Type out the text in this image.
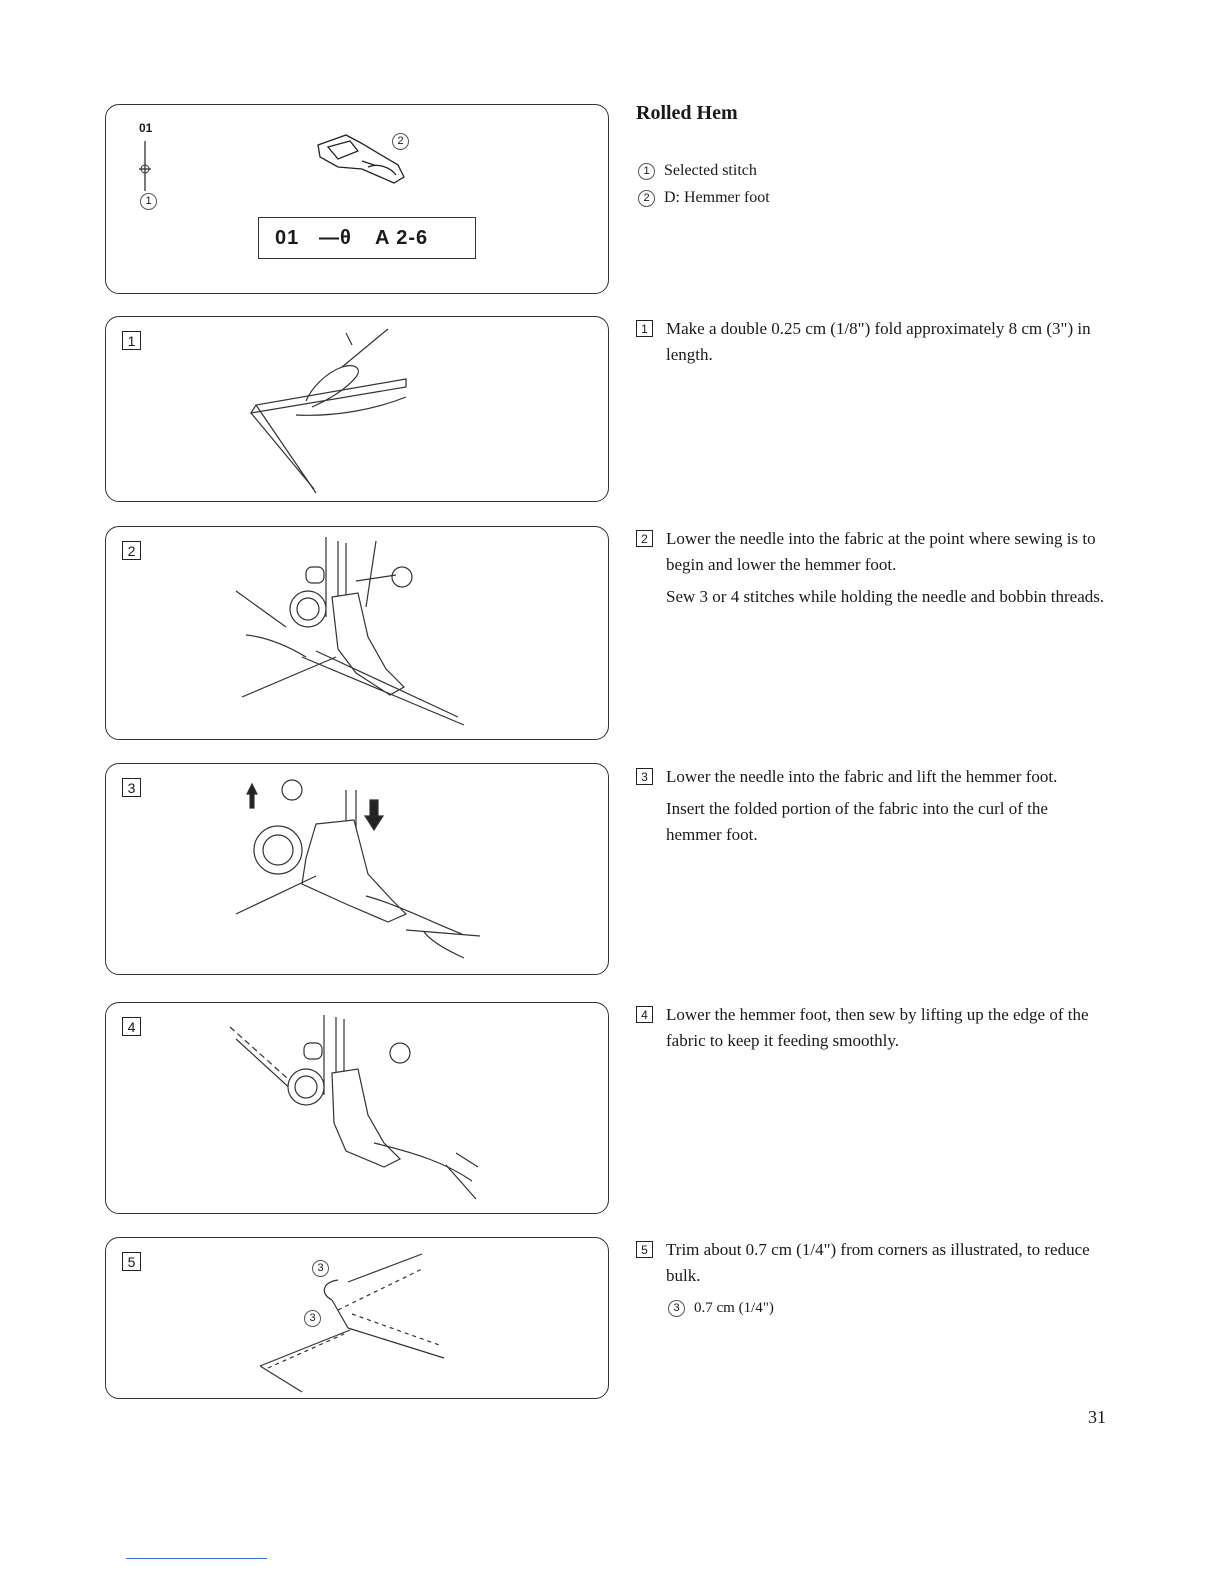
01
1
2
01 —θ A 2-6
1
2
3
4
5	3
3
Rolled Hem
1 Selected stitch
2 D: Hemmer foot
1	Make a double 0.25 cm (1/8") fold approximately 8 cm (3") in length.

2	Lower the needle into the fabric at the point where sewing is to begin and lower the hemmer foot.

Sew 3 or 4 stitches while holding the needle and bobbin threads.

3	Lower the needle into the fabric and lift the hemmer foot.

Insert the folded portion of the fabric into the curl of the hemmer foot.

4	Lower the hemmer foot, then sew by lifting up the edge of the fabric to keep it feeding smoothly.

5	Trim about 0.7 cm (1/4") from corners as illustrated, to reduce bulk.

3 0.7 cm (1/4")
31
